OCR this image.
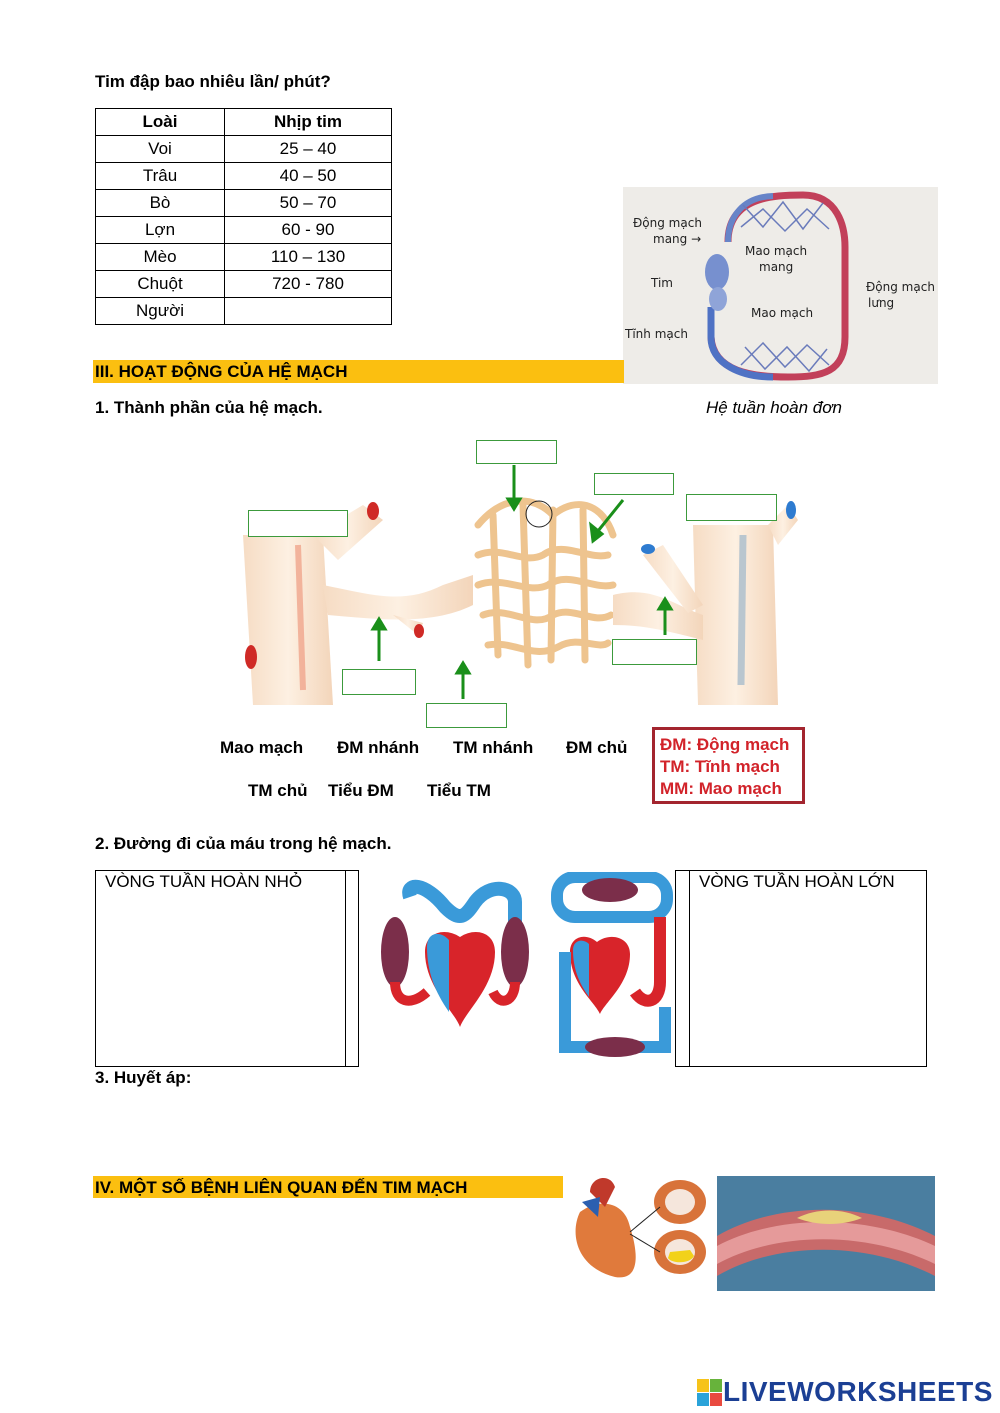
Tim đập bao nhiêu lần/ phút?
Loài	Nhịp tim
Voi	25 – 40
Trâu	40 – 50
Bò	50 – 70
Lợn	60 - 90
Mèo	110 – 130
Chuột	720 - 780
Người	
Động mạch
mang →
Mao mạch
mang
Tim	Động mạch
lưng
Mao mạch
Tĩnh mạch
III. HOẠT ĐỘNG CỦA HỆ MẠCH
Hệ tuần hoàn đơn
1. Thành phần của hệ mạch.
Mao mạch ĐM nhánh TM nhánh ĐM chủ
TM chủ Tiểu ĐM Tiểu TM
ĐM: Động mạch
TM: Tĩnh mạch
MM: Mao mạch
2. Đường đi của máu trong hệ mạch.
VÒNG TUẦN HOÀN NHỎ	VÒNG TUẦN HOÀN LỚN
3. Huyết áp:
IV. MỘT SỐ BỆNH LIÊN QUAN ĐẾN TIM MẠCH
LIVEWORKSHEETS
